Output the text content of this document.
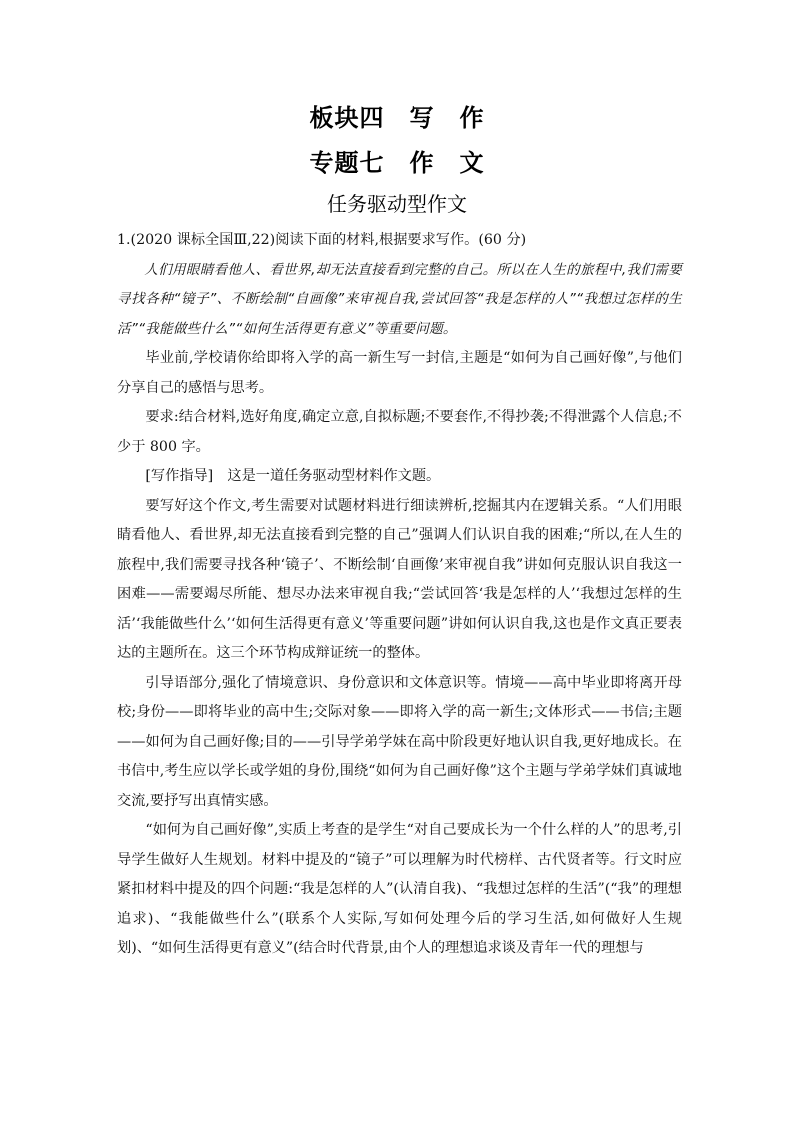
板块四　写　作
专题七　作　文
任务驱动型作文

1.(2020 课标全国Ⅲ,22)阅读下面的材料,根据要求写作。(60 分)

人们用眼睛看他人、看世界,却无法直接看到完整的自己。所以在人生的旅程中,我们需要寻找各种“镜子”、不断绘制“自画像”来审视自我,尝试回答“我是怎样的人”“我想过怎样的生活”“我能做些什么”“如何生活得更有意义”等重要问题。

毕业前,学校请你给即将入学的高一新生写一封信,主题是“如何为自己画好像”,与他们分享自己的感悟与思考。

要求:结合材料,选好角度,确定立意,自拟标题;不要套作,不得抄袭;不得泄露个人信息;不少于 800 字。

[写作指导]　这是一道任务驱动型材料作文题。

要写好这个作文,考生需要对试题材料进行细读辨析,挖掘其内在逻辑关系。“人们用眼睛看他人、看世界,却无法直接看到完整的自己”强调人们认识自我的困难;“所以,在人生的旅程中,我们需要寻找各种‘镜子’、不断绘制‘自画像’来审视自我”讲如何克服认识自我这一困难——需要竭尽所能、想尽办法来审视自我;“尝试回答‘我是怎样的人’‘我想过怎样的生活’‘我能做些什么’‘如何生活得更有意义’等重要问题”讲如何认识自我,这也是作文真正要表达的主题所在。这三个环节构成辩证统一的整体。

引导语部分,强化了情境意识、身份意识和文体意识等。情境——高中毕业即将离开母校;身份——即将毕业的高中生;交际对象——即将入学的高一新生;文体形式——书信;主题——如何为自己画好像;目的——引导学弟学妹在高中阶段更好地认识自我,更好地成长。在书信中,考生应以学长或学姐的身份,围绕“如何为自己画好像”这个主题与学弟学妹们真诚地交流,要抒写出真情实感。

“如何为自己画好像”,实质上考查的是学生“对自己要成长为一个什么样的人”的思考,引导学生做好人生规划。材料中提及的“镜子”可以理解为时代榜样、古代贤者等。行文时应紧扣材料中提及的四个问题:“我是怎样的人”(认清自我)、“我想过怎样的生活”(“我”的理想追求)、“我能做些什么”(联系个人实际,写如何处理今后的学习生活,如何做好人生规划)、“如何生活得更有意义”(结合时代背景,由个人的理想追求谈及青年一代的理想与
